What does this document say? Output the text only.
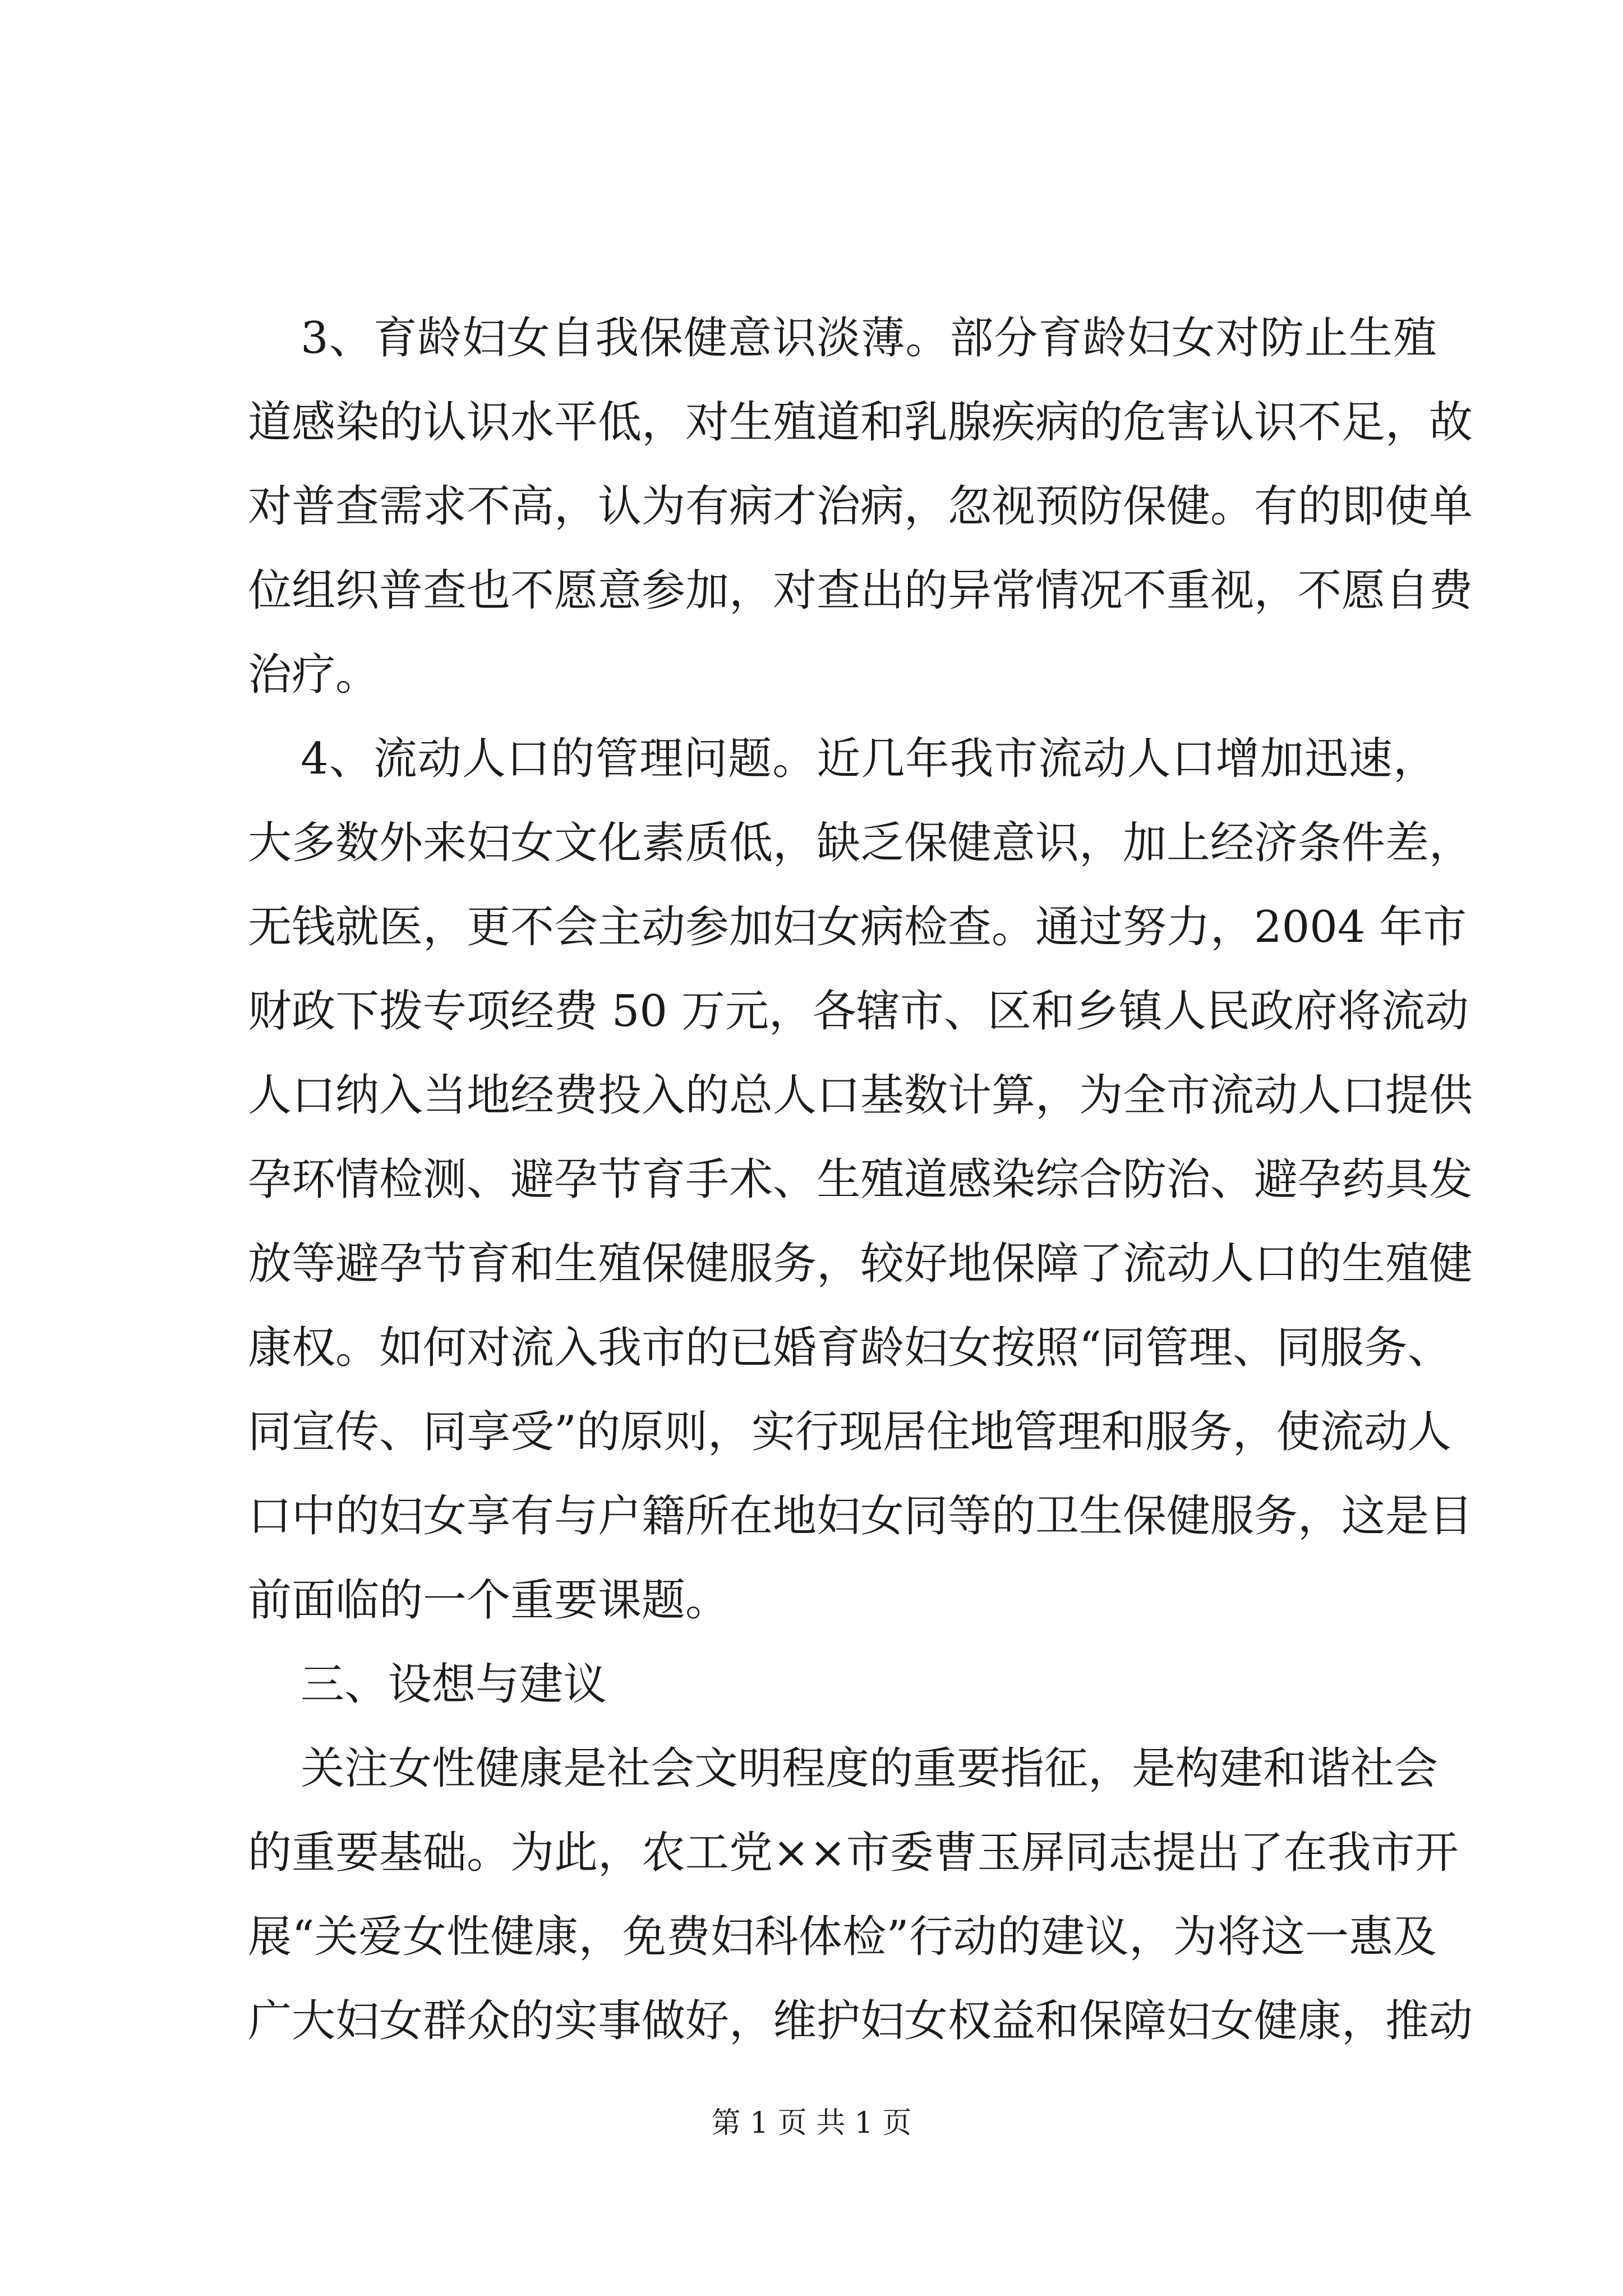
3、育龄妇女自我保健意识淡薄。部分育龄妇女对防止生殖
道感染的认识水平低，对生殖道和乳腺疾病的危害认识不足，故
对普查需求不高，认为有病才治病，忽视预防保健。有的即使单
位组织普查也不愿意参加，对查出的异常情况不重视，不愿自费
治疗。
4、流动人口的管理问题。近几年我市流动人口增加迅速，
大多数外来妇女文化素质低，缺乏保健意识，加上经济条件差，
无钱就医，更不会主动参加妇女病检查。通过努力，2004 年市
财政下拨专项经费 50 万元，各辖市、区和乡镇人民政府将流动
人口纳入当地经费投入的总人口基数计算，为全市流动人口提供
孕环情检测、避孕节育手术、生殖道感染综合防治、避孕药具发
放等避孕节育和生殖保健服务，较好地保障了流动人口的生殖健
康权。如何对流入我市的已婚育龄妇女按照“同管理、同服务、
同宣传、同享受”的原则，实行现居住地管理和服务，使流动人
口中的妇女享有与户籍所在地妇女同等的卫生保健服务，这是目
前面临的一个重要课题。
三、设想与建议
关注女性健康是社会文明程度的重要指征，是构建和谐社会
的重要基础。为此，农工党××市委曹玉屏同志提出了在我市开
展“关爱女性健康，免费妇科体检”行动的建议，为将这一惠及
广大妇女群众的实事做好，维护妇女权益和保障妇女健康，推动
第 1 页 共 1 页
